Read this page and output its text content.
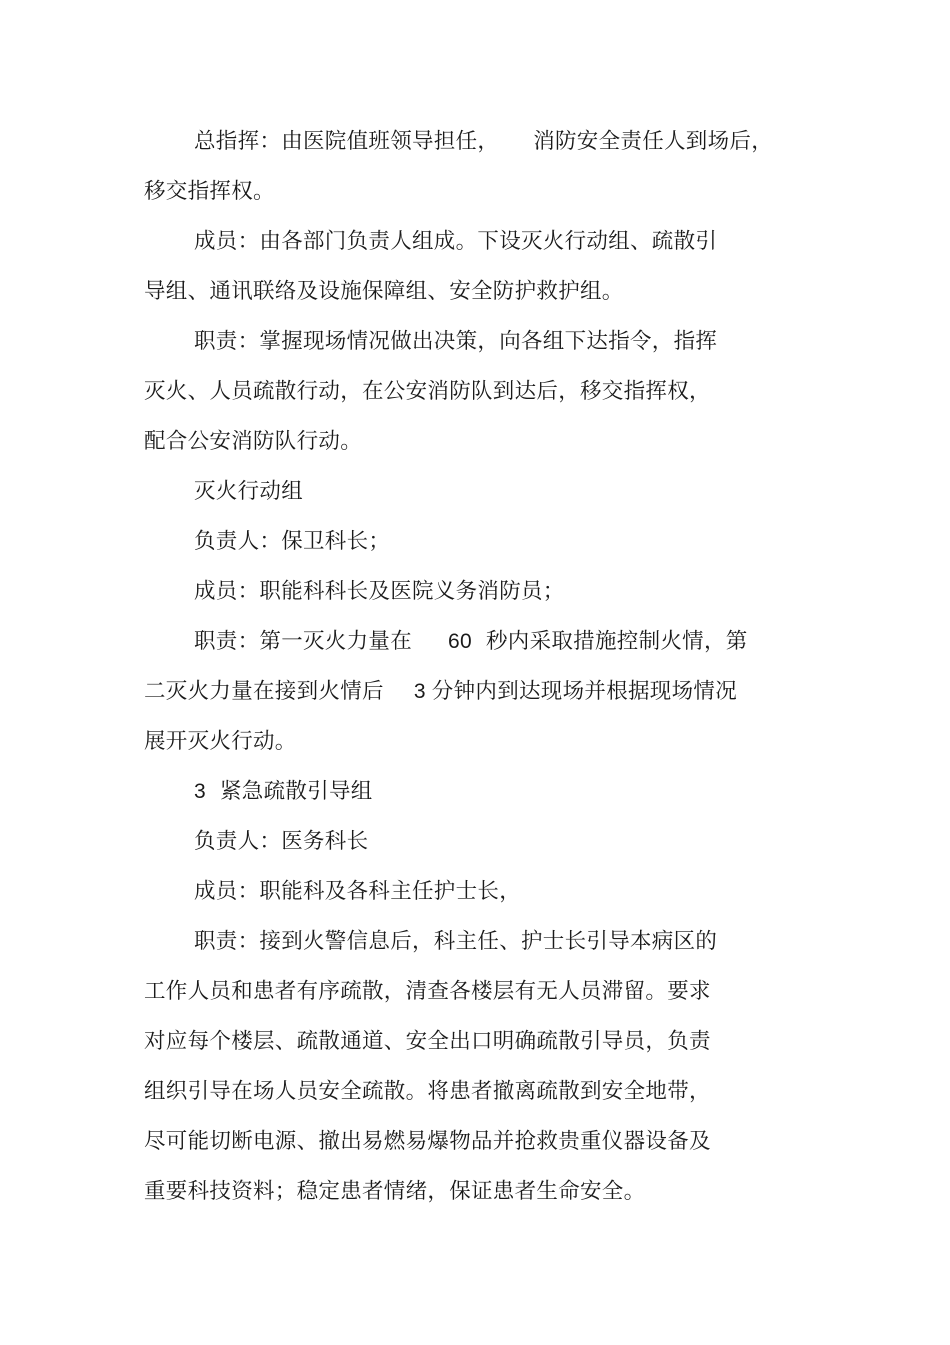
总指挥：由医院值班领导担任， 消防安全责任人到场后，
移交指挥权。
成员：由各部门负责人组成。下设灭火行动组、疏散引
导组、通讯联络及设施保障组、安全防护救护组。
职责：掌握现场情况做出决策，向各组下达指令，指挥
灭火、人员疏散行动，在公安消防队到达后，移交指挥权，
配合公安消防队行动。
灭火行动组
负责人：保卫科长；
成员：职能科科长及医院义务消防员；
职责：第一灭火力量在 60 秒内采取措施控制火情，第
二灭火力量在接到火情后 3 分钟内到达现场并根据现场情况
展开灭火行动。
3 紧急疏散引导组
负责人：医务科长
成员：职能科及各科主任护士长，
职责：接到火警信息后，科主任、护士长引导本病区的
工作人员和患者有序疏散，清查各楼层有无人员滞留。要求
对应每个楼层、疏散通道、安全出口明确疏散引导员，负责
组织引导在场人员安全疏散。将患者撤离疏散到安全地带，
尽可能切断电源、撤出易燃易爆物品并抢救贵重仪器设备及
重要科技资料；稳定患者情绪，保证患者生命安全。
